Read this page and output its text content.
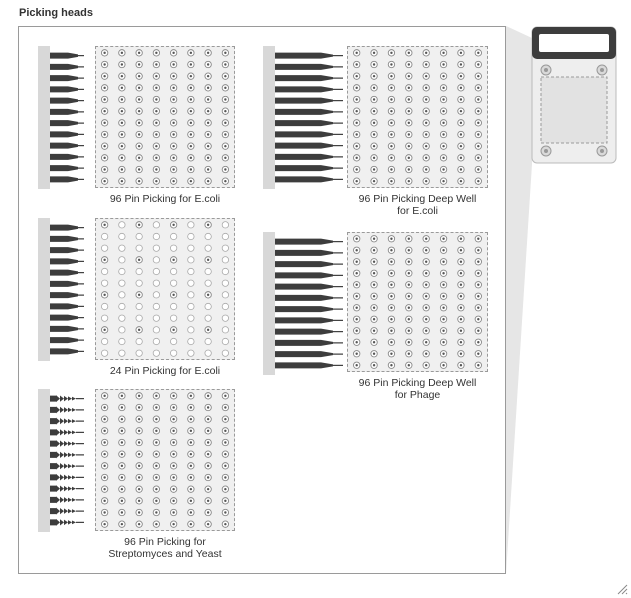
Picking heads
96 Pin Picking for E.coli	96 Pin Picking Deep Well
for E.coli
24 Pin Picking for E.coli
96 Pin Picking Deep Well
for Phage
96 Pin Picking for
Streptomyces and Yeast
